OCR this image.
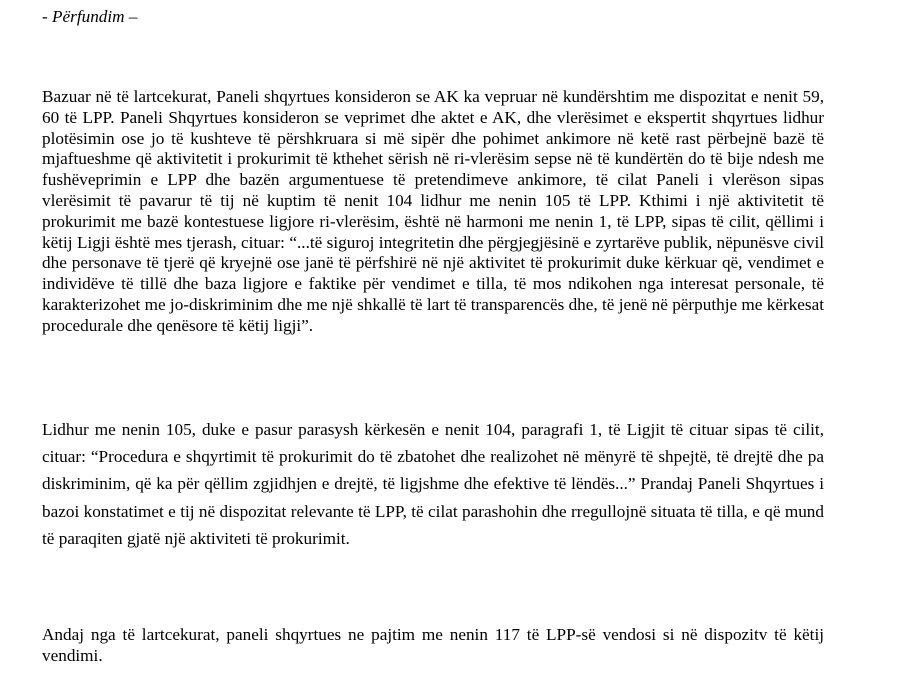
- Përfundim –

Bazuar në të lartcekurat, Paneli shqyrtues konsideron se AK ka vepruar në kundërshtim me dispozitat e nenit 59, 60 të LPP. Paneli Shqyrtues konsideron se veprimet dhe aktet e AK, dhe vlerësimet e ekspertit shqyrtues lidhur plotësimin ose jo të kushteve të përshkruara si më sipër dhe pohimet ankimore në ketë rast përbejnë bazë të mjaftueshme që aktivitetit i prokurimit të kthehet sërish në ri-vlerësim sepse në të kundërtën do të bije ndesh me fushëveprimin e LPP dhe bazën argumentuese të pretendimeve ankimore, të cilat Paneli i vlerëson sipas vlerësimit të pavarur të tij në kuptim të nenit 104 lidhur me nenin 105 të LPP. Kthimi i një aktivitetit të prokurimit me bazë kontestuese ligjore ri-vlerësim, është në harmoni me nenin 1, të LPP, sipas të cilit, qëllimi i këtij Ligji është mes tjerash, cituar: “...të siguroj integritetin dhe përgjegjësinë e zyrtarëve publik, nëpunësve civil dhe personave të tjerë që kryejnë ose janë të përfshirë në një aktivitet të prokurimit duke kërkuar që, vendimet e individëve të tillë dhe baza ligjore e faktike për vendimet e tilla, të mos ndikohen nga interesat personale, të karakterizohet me jo-diskriminim dhe me një shkallë të lart të transparencës dhe, të jenë në përputhje me kërkesat procedurale dhe qenësore të këtij ligji”.

Lidhur me nenin 105, duke e pasur parasysh kërkesën e nenit 104, paragrafi 1, të Ligjit të cituar sipas të cilit, cituar: “Procedura e shqyrtimit të prokurimit do të zbatohet dhe realizohet në mënyrë të shpejtë, të drejtë dhe pa diskriminim, që ka për qëllim zgjidhjen e drejtë, të ligjshme dhe efektive të lëndës...” Prandaj Paneli Shqyrtues i bazoi konstatimet e tij në dispozitat relevante të LPP, të cilat parashohin dhe rregullojnë situata të tilla, e që mund të paraqiten gjatë një aktiviteti të prokurimit.

Andaj nga të lartcekurat, paneli shqyrtues ne pajtim me nenin 117 të LPP-së vendosi si në dispozitv të këtij vendimi.
